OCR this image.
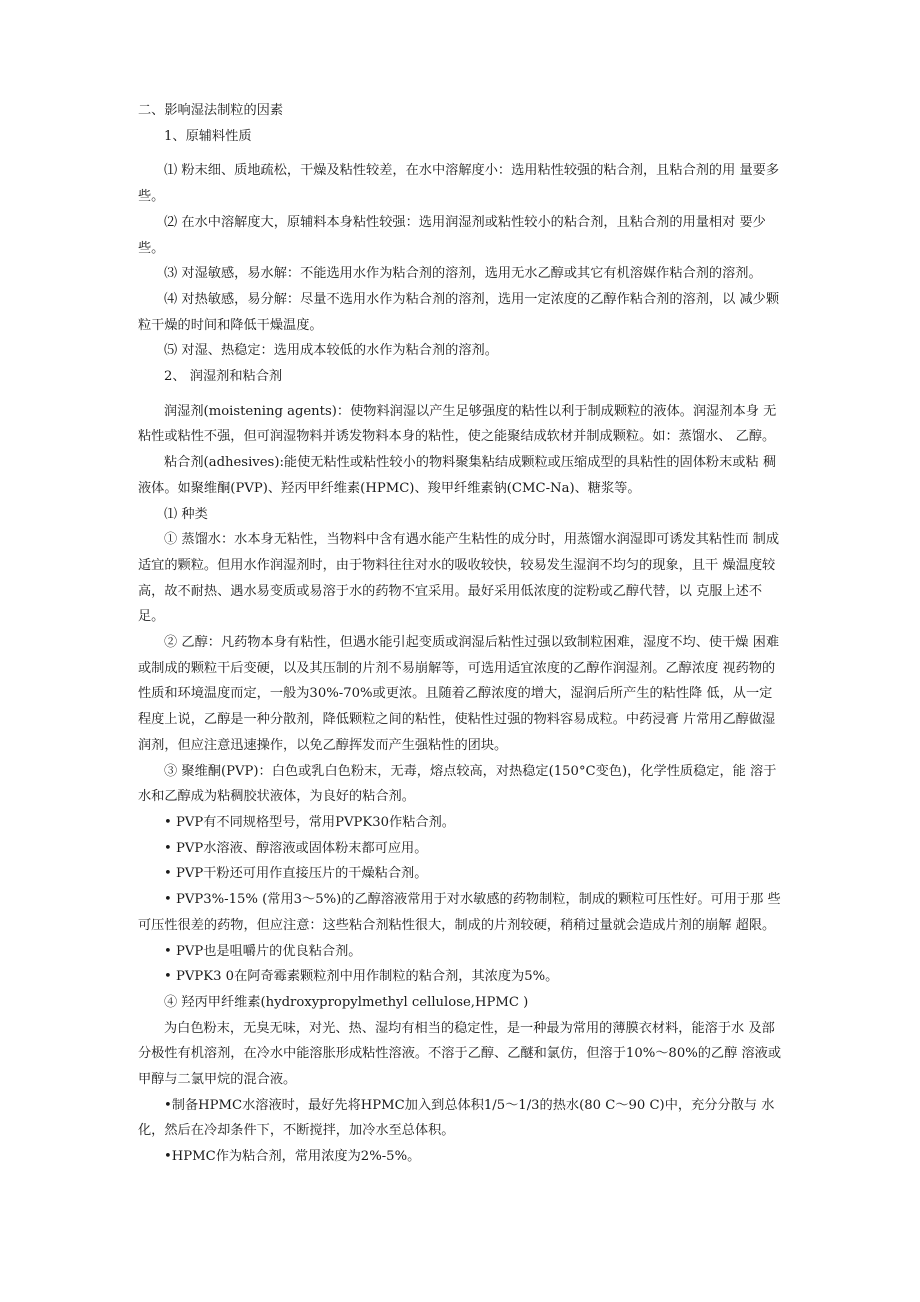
二、影响湿法制粒的因素

1、原辅料性质

⑴ 粉末细、质地疏松，干燥及粘性较差，在水中溶解度小：选用粘性较强的粘合剂，且粘合剂的用 量要多些。

⑵ 在水中溶解度大，原辅料本身粘性较强：选用润湿剂或粘性较小的粘合剂，且粘合剂的用量相对 要少些。

⑶ 对湿敏感，易水解：不能选用水作为粘合剂的溶剂，选用无水乙醇或其它有机溶媒作粘合剂的溶剂。

⑷ 对热敏感，易分解：尽量不选用水作为粘合剂的溶剂，选用一定浓度的乙醇作粘合剂的溶剂，以 减少颗粒干燥的时间和降低干燥温度。

⑸ 对湿、热稳定：选用成本较低的水作为粘合剂的溶剂。

2、 润湿剂和粘合剂

润湿剂(moistening agents)：使物料润湿以产生足够强度的粘性以利于制成颗粒的液体。润湿剂本身 无粘性或粘性不强，但可润湿物料并诱发物料本身的粘性，使之能聚结成软材并制成颗粒。如：蒸馏水、 乙醇。

粘合剂(adhesives):能使无粘性或粘性较小的物料聚集粘结成颗粒或压缩成型的具粘性的固体粉末或粘 稠液体。如聚维酮(PVP)、羟丙甲纤维素(HPMC)、羧甲纤维素钠(CMC-Na)、糖浆等。

⑴ 种类

① 蒸馏水：水本身无粘性，当物料中含有遇水能产生粘性的成分时，用蒸馏水润湿即可诱发其粘性而 制成适宜的颗粒。但用水作润湿剂时，由于物料往往对水的吸收较快，较易发生湿润不均匀的现象，且干 燥温度较高，故不耐热、遇水易变质或易溶于水的药物不宜采用。最好采用低浓度的淀粉或乙醇代替，以 克服上述不足。

② 乙醇：凡药物本身有粘性，但遇水能引起变质或润湿后粘性过强以致制粒困难，湿度不均、使干燥 困难或制成的颗粒干后变硬，以及其压制的片剂不易崩解等，可选用适宜浓度的乙醇作润湿剂。乙醇浓度 视药物的性质和环境温度而定，一般为30%-70%或更浓。且随着乙醇浓度的增大，湿润后所产生的粘性降 低，从一定程度上说，乙醇是一种分散剂，降低颗粒之间的粘性，使粘性过强的物料容易成粒。中药浸膏 片常用乙醇做湿润剂，但应注意迅速操作，以免乙醇挥发而产生强粘性的团块。

③ 聚维酮(PVP)：白色或乳白色粉末，无毒，熔点较高，对热稳定(150°C变色)，化学性质稳定，能 溶于水和乙醇成为粘稠胶状液体，为良好的粘合剂。

• PVP有不同规格型号，常用PVPK30作粘合剂。

• PVP水溶液、醇溶液或固体粉末都可应用。

• PVP干粉还可用作直接压片的干燥粘合剂。

• PVP3%-15% (常用3～5%)的乙醇溶液常用于对水敏感的药物制粒，制成的颗粒可压性好。可用于那 些可压性很差的药物，但应注意：这些粘合剂粘性很大，制成的片剂较硬，稍稍过量就会造成片剂的崩解 超限。

• PVP也是咀嚼片的优良粘合剂。

• PVPK3 0在阿奇霉素颗粒剂中用作制粒的粘合剂，其浓度为5%。

④ 羟丙甲纤维素(hydroxypropylmethyl cellulose,HPMC )

为白色粉末，无臭无味，对光、热、湿均有相当的稳定性，是一种最为常用的薄膜衣材料，能溶于水 及部分极性有机溶剂，在冷水中能溶胀形成粘性溶液。不溶于乙醇、乙醚和氯仿，但溶于10%～80%的乙醇 溶液或甲醇与二氯甲烷的混合液。

•制备HPMC水溶液时，最好先将HPMC加入到总体积1/5～1/3的热水(80 C～90 C)中，充分分散与 水化，然后在冷却条件下，不断搅拌，加冷水至总体积。

•HPMC作为粘合剂，常用浓度为2%-5%。
